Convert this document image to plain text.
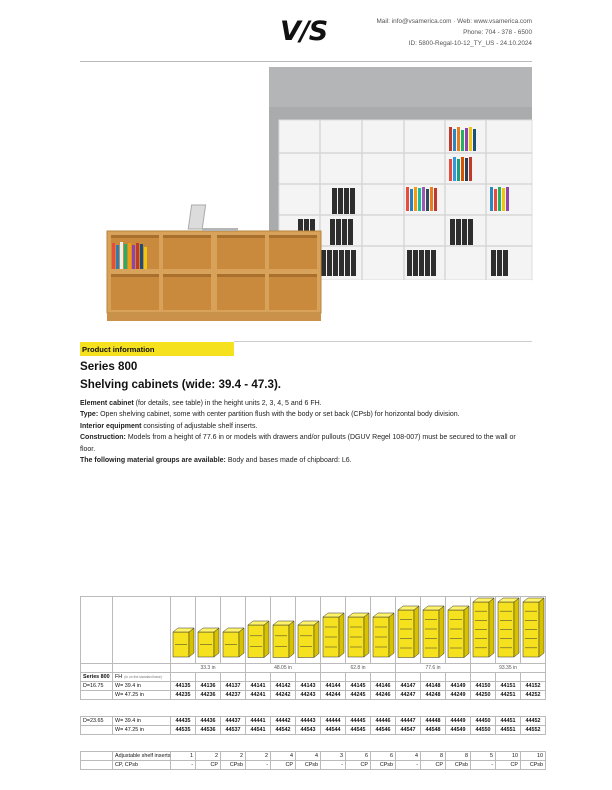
V/S	Mail: info@vsamerica.com · Web: www.vsamerica.com
Phone: 704 - 378 - 6500
ID: 5800-Regal-10-12_TY_US - 24.10.2024
Product information
Series 800
Shelving cabinets (wide: 39.4 - 47.3).
Element cabinet (for details, see table) in the height units 2, 3, 4, 5 and 6 FH.
Type: Open shelving cabinet, some with center partition flush with the body or set back (CPsb) for horizontal body division.
Interior equipment consisting of adjustable shelf inserts.
Construction: Models from a height of 77.6 in or models with drawers and/or pullouts (DGUV Regel 108-007) must be secured to the wall or floor.
The following material groups are available: Body and bases made of chipboard: L6.

		33.3 in			48.05 in			62.8 in			77.6 in			93.35 in		
Series 800	FH (in on the standard base)															
D=16.75	W= 39.4 in	44135	44136	44137	44141	44142	44143	44144	44145	44146	44147	44148	44149	44150	44151	44152
	W= 47.25 in	44235	44236	44237	44241	44242	44243	44244	44245	44246	44247	44248	44249	44250	44251	44252

D=23.65	W= 39.4 in	44435	44436	44437	44441	44442	44443	44444	44445	44446	44447	44448	44449	44450	44451	44452
	W= 47.25 in	44535	44536	44537	44541	44542	44543	44544	44545	44546	44547	44548	44549	44550	44551	44552

	Adjustable shelf inserts	1	2	2	2	4	4	3	6	6	4	8	8	5	10	10
	CP, CPsb	-	CP	CPsb	-	CP	CPsb	-	CP	CPsb	-	CP	CPsb	-	CP	CPsb
